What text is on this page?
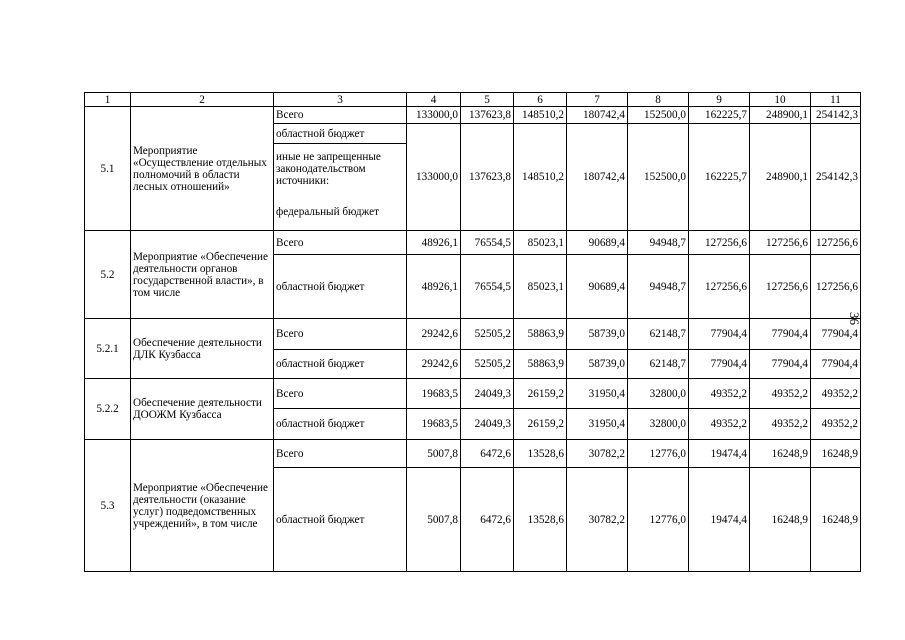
36
1	2	3	4	5	6	7	8	9	10	11
5.1	Мероприятие «Осуществление отдельных полномочий в области лесных отношений»	Всего	133000,0	137623,8	148510,2	180742,4	152500,0	162225,7	248900,1	254142,3
		областной бюджет	133000,0	137623,8	148510,2	180742,4	152500,0	162225,7	248900,1	254142,3
		иные не запрещенные законодательством источники:								
		федеральный бюджет								
5.2	Мероприятие «Обеспечение деятельности органов государственной власти», в том числе	Всего	48926,1	76554,5	85023,1	90689,4	94948,7	127256,6	127256,6	127256,6
		областной бюджет	48926,1	76554,5	85023,1	90689,4	94948,7	127256,6	127256,6	127256,6
5.2.1	Обеспечение деятельности ДЛК Кузбасса	Всего	29242,6	52505,2	58863,9	58739,0	62148,7	77904,4	77904,4	77904,4
		областной бюджет	29242,6	52505,2	58863,9	58739,0	62148,7	77904,4	77904,4	77904,4
5.2.2	Обеспечение деятельности ДООЖМ Кузбасса	Всего	19683,5	24049,3	26159,2	31950,4	32800,0	49352,2	49352,2	49352,2
		областной бюджет	19683,5	24049,3	26159,2	31950,4	32800,0	49352,2	49352,2	49352,2
5.3	Мероприятие «Обеспечение деятельности (оказание услуг) подведомственных учреждений», в том числе	Всего	5007,8	6472,6	13528,6	30782,2	12776,0	19474,4	16248,9	16248,9
		областной бюджет	5007,8	6472,6	13528,6	30782,2	12776,0	19474,4	16248,9	16248,9
